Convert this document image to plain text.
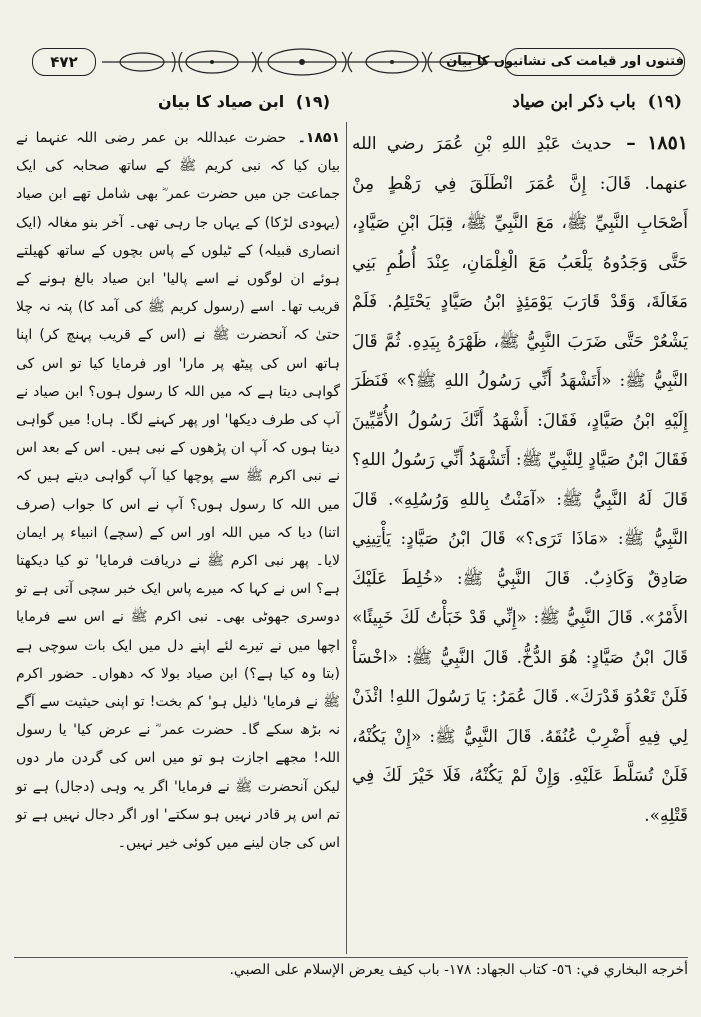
۴۷۲	فتنوں اور قیامت کی نشانیوں کا بیان
(۱۹) ابن صیاد کا بیان	(١٩) باب ذكر ابن صياد

۱۸۵۱۔ حضرت عبداللہ بن عمر رضی اللہ عنہما نے بیان کیا کہ نبی کریم ﷺ کے ساتھ صحابہ کی ایک جماعت جن میں حضرت عمر ؓ بھی شامل تھے ابن صیاد (یہودی لڑکا) کے یہاں جا رہی تھی۔ آخر بنو مغالہ (ایک انصاری قبیلہ) کے ٹیلوں کے پاس بچوں کے ساتھ کھیلتے ہوئے ان لوگوں نے اسے پالیا' ابن صیاد بالغ ہونے کے قریب تھا۔ اسے (رسول کریم ﷺ کی آمد کا) پتہ نہ چلا حتیٰ کہ آنحضرت ﷺ نے (اس کے قریب پہنچ کر) اپنا ہاتھ اس کی پیٹھ پر مارا' اور فرمایا کیا تو اس کی گواہی دیتا ہے کہ میں اللہ کا رسول ہوں؟ ابن صیاد نے آپ کی طرف دیکھا' اور پھر کہنے لگا۔ ہاں! میں گواہی دیتا ہوں کہ آپ ان پڑھوں کے نبی ہیں۔ اس کے بعد اس نے نبی اکرم ﷺ سے پوچھا کیا آپ گواہی دیتے ہیں کہ میں اللہ کا رسول ہوں؟ آپ نے اس کا جواب (صرف اتنا) دیا کہ میں اللہ اور اس کے (سچے) انبیاء پر ایمان لایا۔ پھر نبی اکرم ﷺ نے دریافت فرمایا' تو کیا دیکھتا ہے؟ اس نے کہا کہ میرے پاس ایک خبر سچی آتی ہے تو دوسری جھوٹی بھی۔ نبی اکرم ﷺ نے اس سے فرمایا اچھا میں نے تیرے لئے اپنے دل میں ایک بات سوچی ہے (بتا وہ کیا ہے؟) ابن صیاد بولا کہ دھواں۔ حضور اکرم ﷺ نے فرمایا' ذلیل ہو' کم بخت! تو اپنی حیثیت سے آگے نہ بڑھ سکے گا۔ حضرت عمر ؓ نے عرض کیا' یا رسول اللہ! مجھے اجازت ہو تو میں اس کی گردن مار دوں لیکن آنحضرت ﷺ نے فرمایا' اگر یہ وہی (دجال) ہے تو تم اس پر قادر نہیں ہو سکتے' اور اگر دجال نہیں ہے تو اس کی جان لینے میں کوئی خیر نہیں۔

١٨٥١ – حديث عَبْدِ اللهِ بْنِ عُمَرَ رضي الله عنهما. قَالَ: إِنَّ عُمَرَ انْطَلَقَ فِي رَهْطٍ مِنْ أَصْحَابِ النَّبِيِّ ﷺ، مَعَ النَّبِيِّ ﷺ، قِبَلَ ابْنِ صَيَّادٍ، حَتَّى وَجَدُوهُ يَلْعَبُ مَعَ الْغِلْمَانِ، عِنْدَ أُطُمِ بَنِي مَغَالَةَ، وَقَدْ قَارَبَ يَوْمَئِذٍ ابْنُ صَيَّادٍ يَحْتَلِمُ. فَلَمْ يَشْعُرْ حَتَّى ضَرَبَ النَّبِيُّ ﷺ، ظَهْرَهُ بِيَدِهِ. ثُمَّ قَالَ النَّبِيُّ ﷺ: «أَتَشْهَدُ أَنِّي رَسُولُ اللهِ ﷺ؟» فَنَظَرَ إِلَيْهِ ابْنُ صَيَّادٍ، فَقَالَ: أَشْهَدُ أَنَّكَ رَسُولُ الأُمِّيِّينَ فَقَالَ ابْنُ صَيَّادٍ لِلنَّبِيِّ ﷺ: أَتَشْهَدُ أَنِّي رَسُولُ اللهِ؟ قَالَ لَهُ النَّبِيُّ ﷺ: «آمَنْتُ بِاللهِ وَرُسُلِهِ». قَالَ النَّبِيُّ ﷺ: «مَاذَا تَرَى؟» قَالَ ابْنُ صَيَّادٍ: يَأْتِينِي صَادِقٌ وَكَاذِبٌ. قَالَ النَّبِيُّ ﷺ: «خُلِطَ عَلَيْكَ الأَمْرُ». قَالَ النَّبِيُّ ﷺ: «إِنِّي قَدْ خَبَأْتُ لَكَ خَبِيئًا» قَالَ ابْنُ صَيَّادٍ: هُوَ الدُّخُّ. قَالَ النَّبِيُّ ﷺ: «اخْسَأْ فَلَنْ تَعْدُوَ قَدْرَكَ». قَالَ عُمَرُ: يَا رَسُولَ اللهِ! ائْذَنْ لِي فِيهِ أَضْرِبْ عُنُقَهُ. قَالَ النَّبِيُّ ﷺ: «إِنْ يَكُنْهُ، فَلَنْ تُسَلَّطَ عَلَيْهِ. وَإِنْ لَمْ يَكُنْهُ، فَلَا خَيْرَ لَكَ فِي قَتْلِهِ».

أخرجه البخاري في: ٥٦- كتاب الجهاد: ١٧٨- باب كيف يعرض الإسلام على الصبي.
